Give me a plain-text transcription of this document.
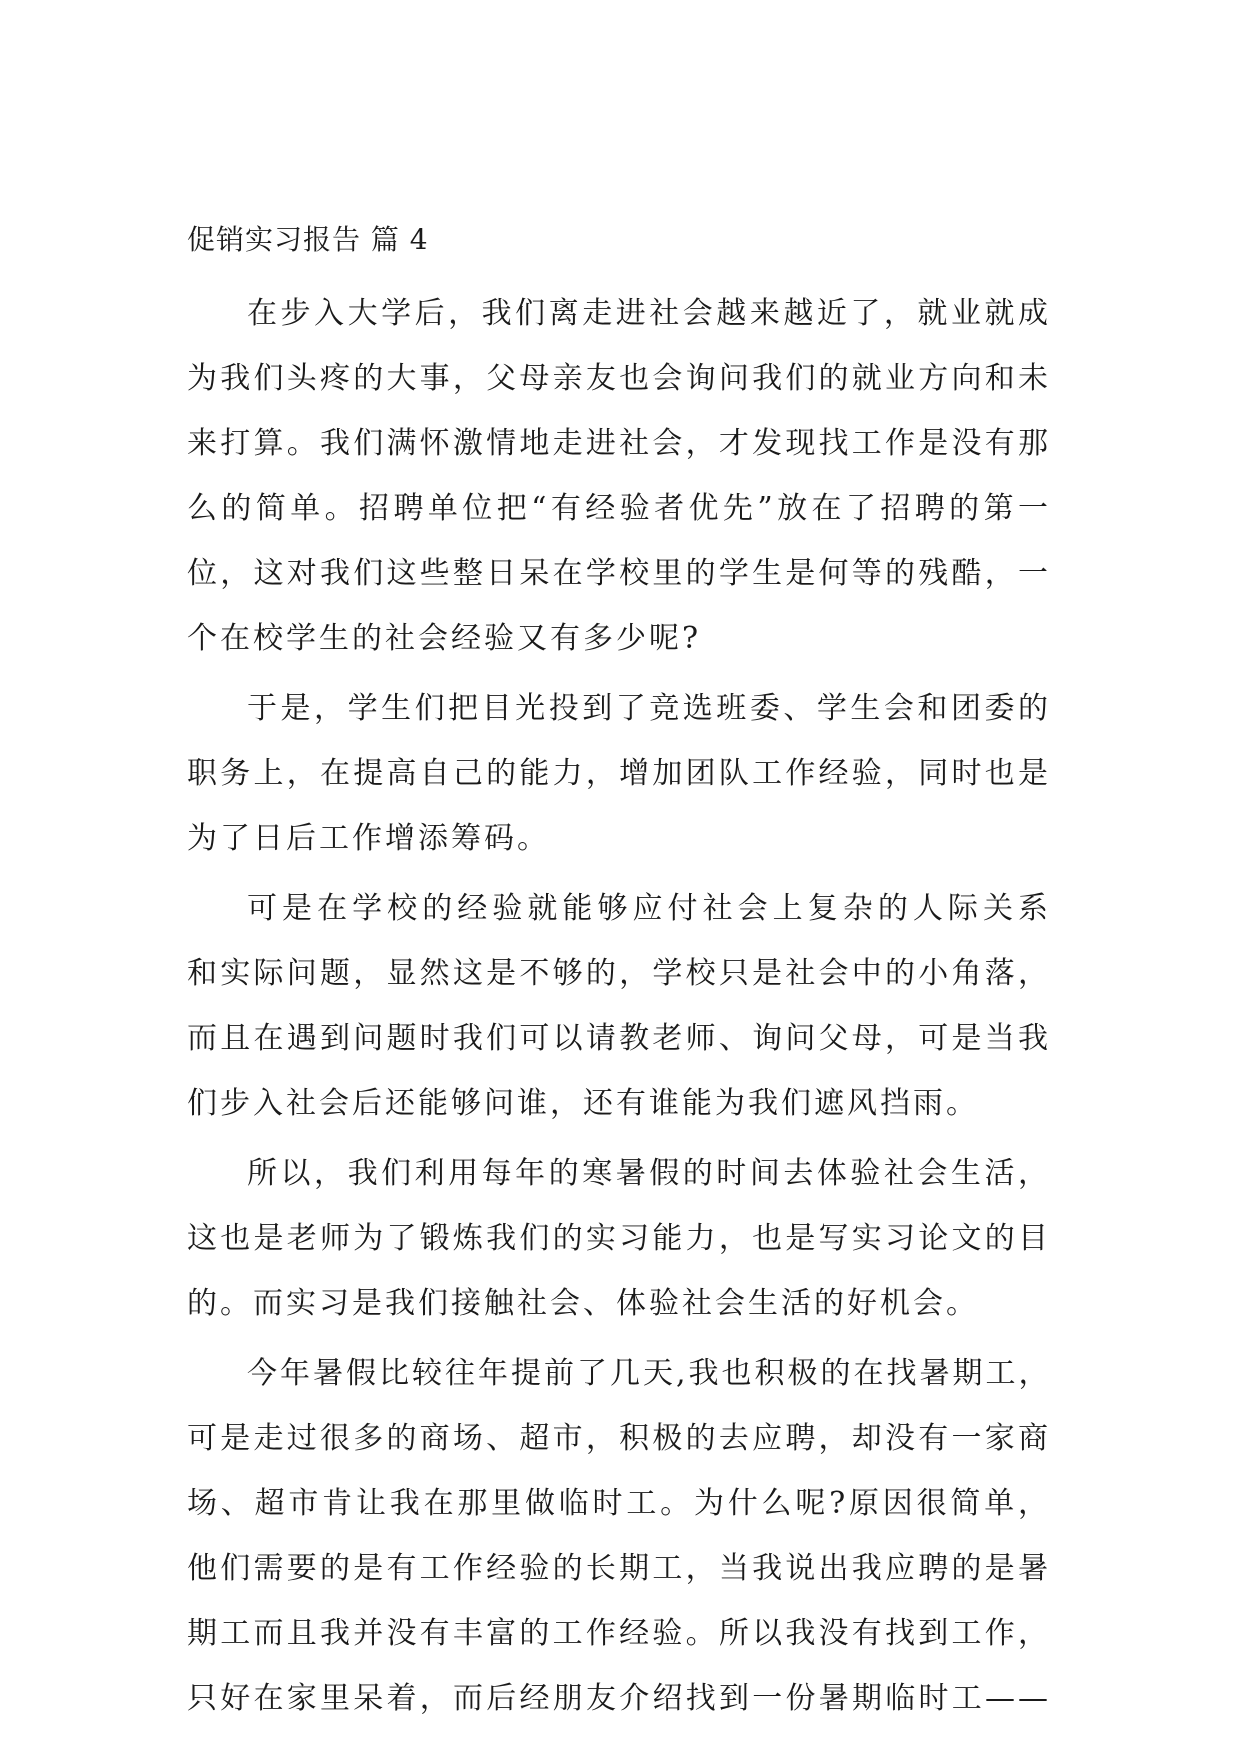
促销实习报告 篇 4

在步入大学后，我们离走进社会越来越近了，就业就成
为我们头疼的大事，父母亲友也会询问我们的就业方向和未
来打算。我们满怀激情地走进社会，才发现找工作是没有那
么的简单。招聘单位把“有经验者优先”放在了招聘的第一
位，这对我们这些整日呆在学校里的学生是何等的残酷，一
个在校学生的社会经验又有多少呢?

于是，学生们把目光投到了竞选班委、学生会和团委的
职务上，在提高自己的能力，增加团队工作经验，同时也是
为了日后工作增添筹码。

可是在学校的经验就能够应付社会上复杂的人际关系
和实际问题，显然这是不够的，学校只是社会中的小角落，
而且在遇到问题时我们可以请教老师、询问父母，可是当我
们步入社会后还能够问谁，还有谁能为我们遮风挡雨。

所以，我们利用每年的寒暑假的时间去体验社会生活，
这也是老师为了锻炼我们的实习能力，也是写实习论文的目
的。而实习是我们接触社会、体验社会生活的好机会。

今年暑假比较往年提前了几天,我也积极的在找暑期工，
可是走过很多的商场、超市，积极的去应聘，却没有一家商
场、超市肯让我在那里做临时工。为什么呢?原因很简单，
他们需要的是有工作经验的长期工，当我说出我应聘的是暑
期工而且我并没有丰富的工作经验。所以我没有找到工作，
只好在家里呆着，而后经朋友介绍找到一份暑期临时工——
